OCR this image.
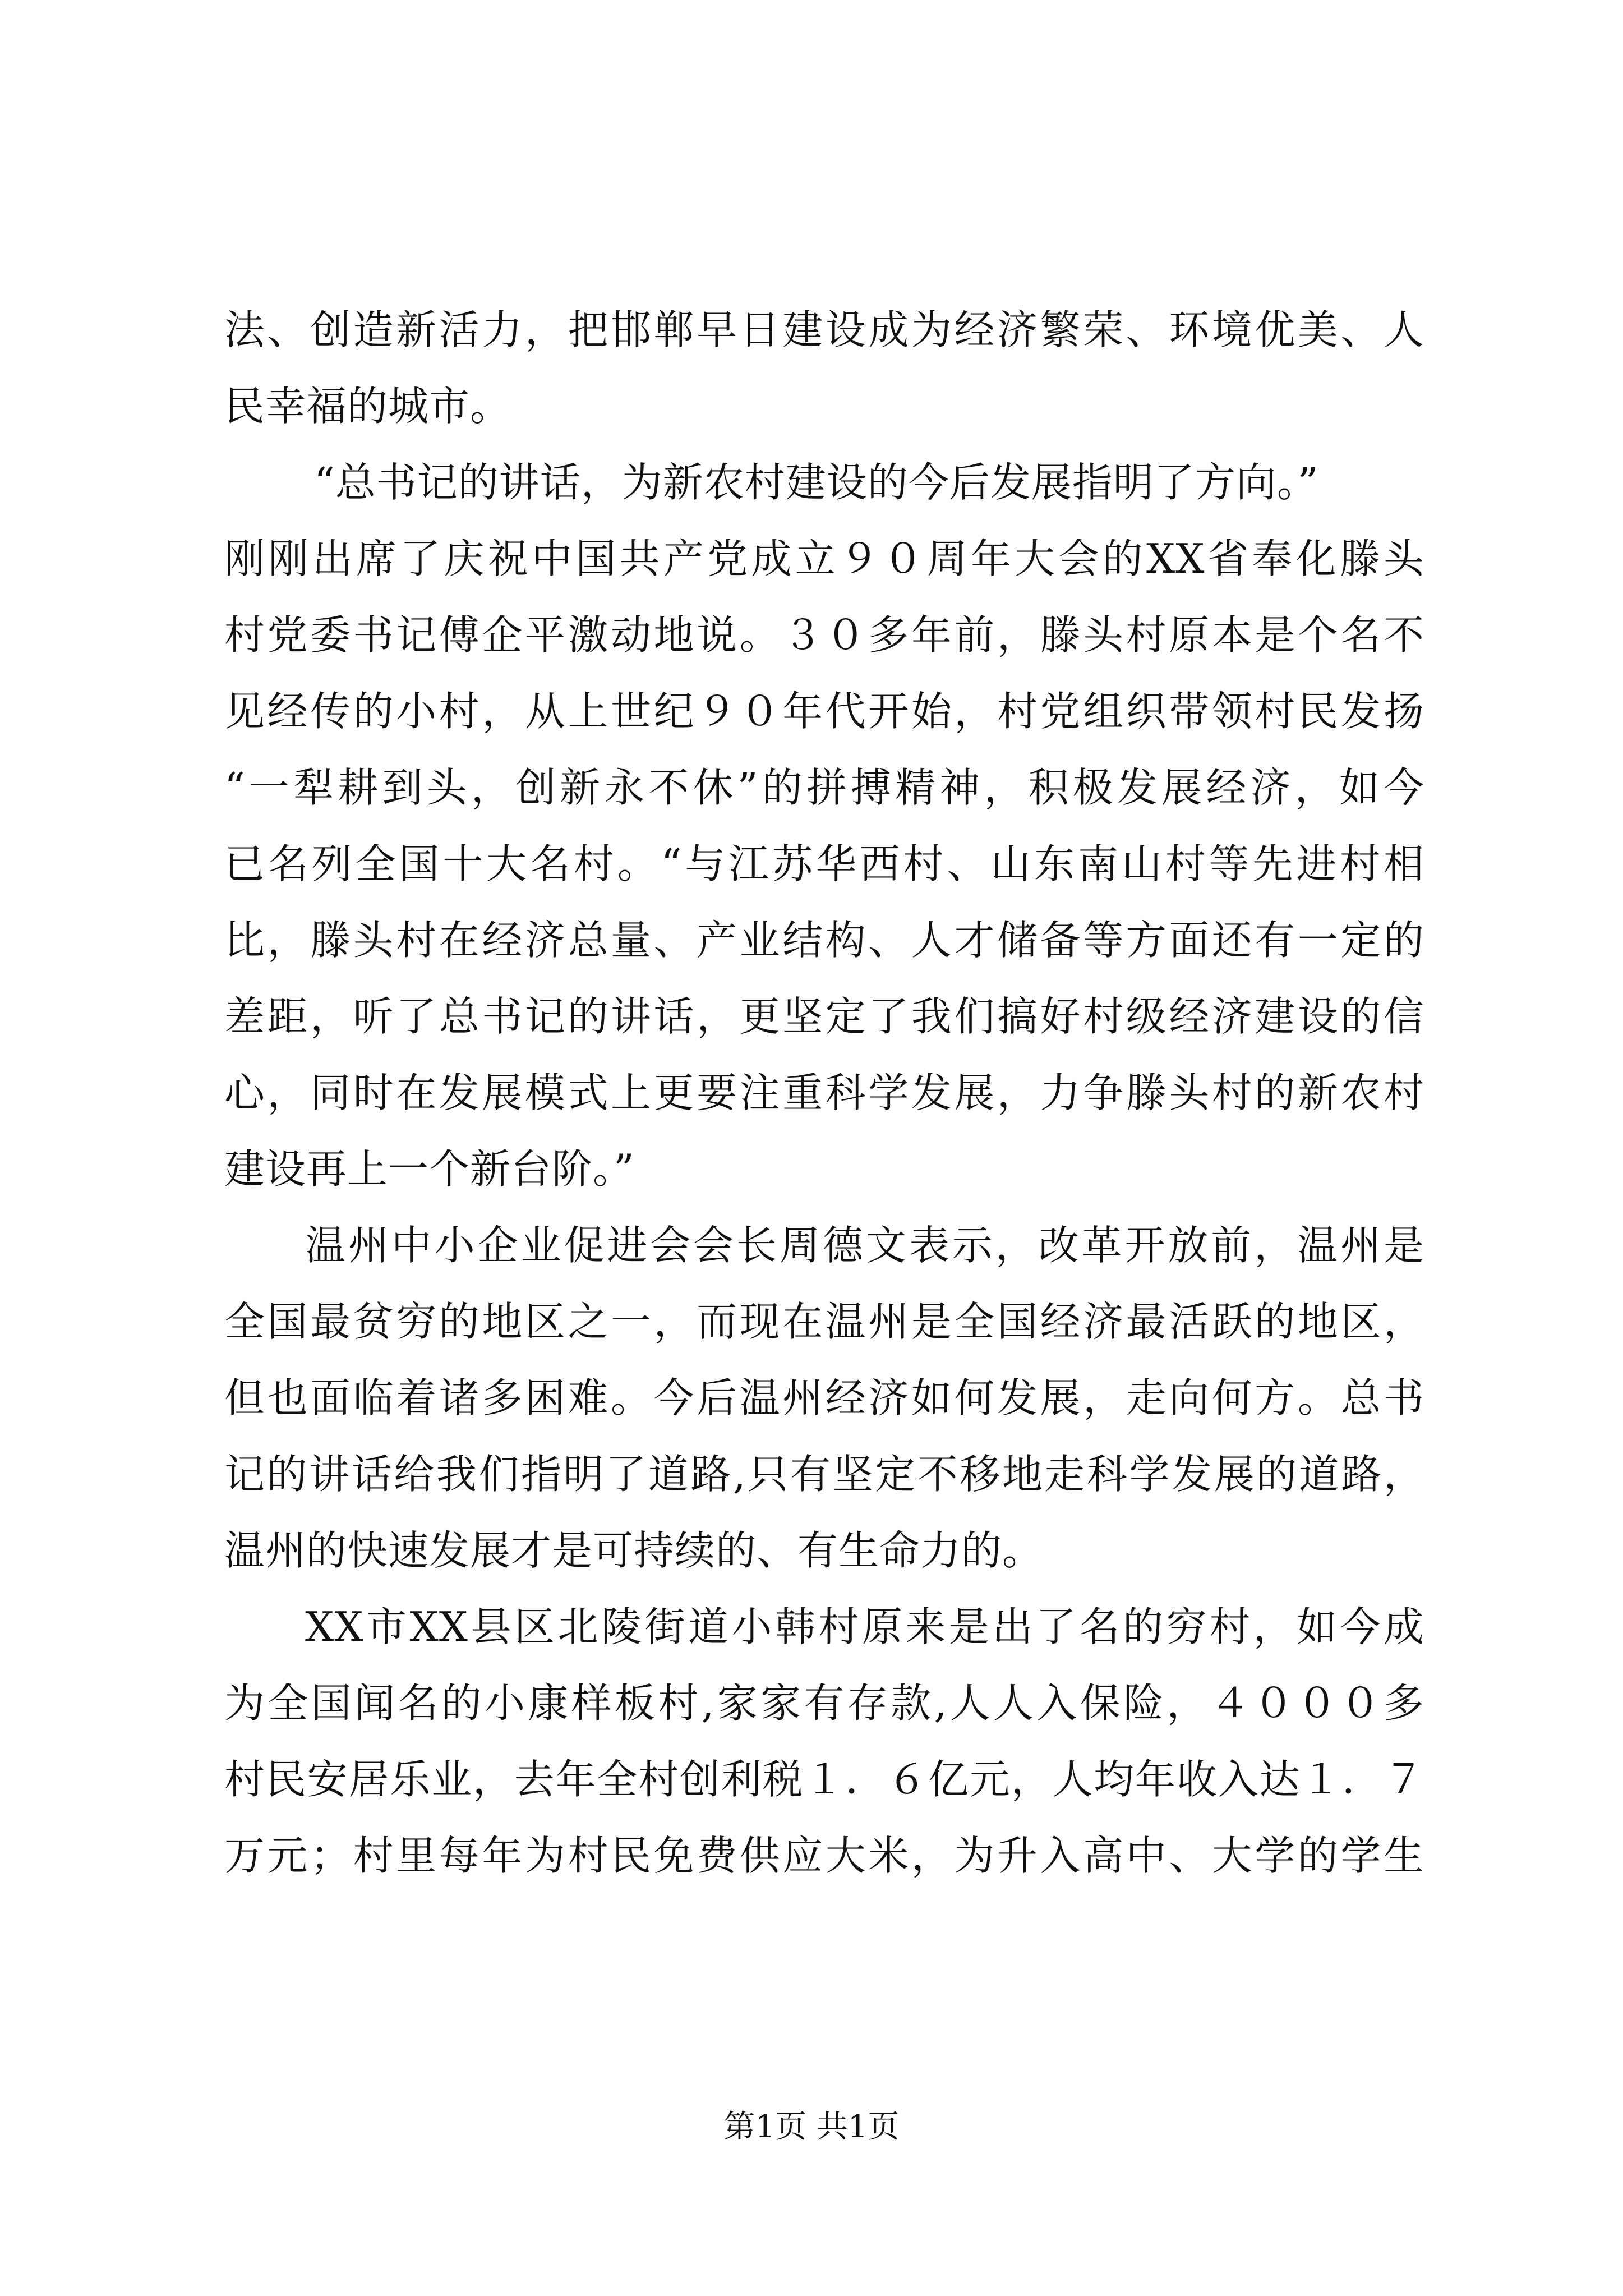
法、创造新活力，把邯郸早日建设成为经济繁荣、环境优美、人
民幸福的城市。
“总书记的讲话，为新农村建设的今后发展指明了方向。”
刚刚出席了庆祝中国共产党成立９０周年大会的XX省奉化滕头
村党委书记傅企平激动地说。３０多年前，滕头村原本是个名不
见经传的小村，从上世纪９０年代开始，村党组织带领村民发扬
“一犁耕到头，创新永不休”的拼搏精神，积极发展经济，如今
已名列全国十大名村。“与江苏华西村、山东南山村等先进村相
比，滕头村在经济总量、产业结构、人才储备等方面还有一定的
差距，听了总书记的讲话，更坚定了我们搞好村级经济建设的信
心，同时在发展模式上更要注重科学发展，力争滕头村的新农村
建设再上一个新台阶。”
温州中小企业促进会会长周德文表示，改革开放前，温州是
全国最贫穷的地区之一，而现在温州是全国经济最活跃的地区，
但也面临着诸多困难。今后温州经济如何发展，走向何方。总书
记的讲话给我们指明了道路,只有坚定不移地走科学发展的道路，
温州的快速发展才是可持续的、有生命力的。
XX市XX县区北陵街道小韩村原来是出了名的穷村，如今成
为全国闻名的小康样板村,家家有存款,人人入保险，４０００多
村民安居乐业，去年全村创利税１．６亿元，人均年收入达１．７
万元；村里每年为村民免费供应大米，为升入高中、大学的学生
第1页 共1页
